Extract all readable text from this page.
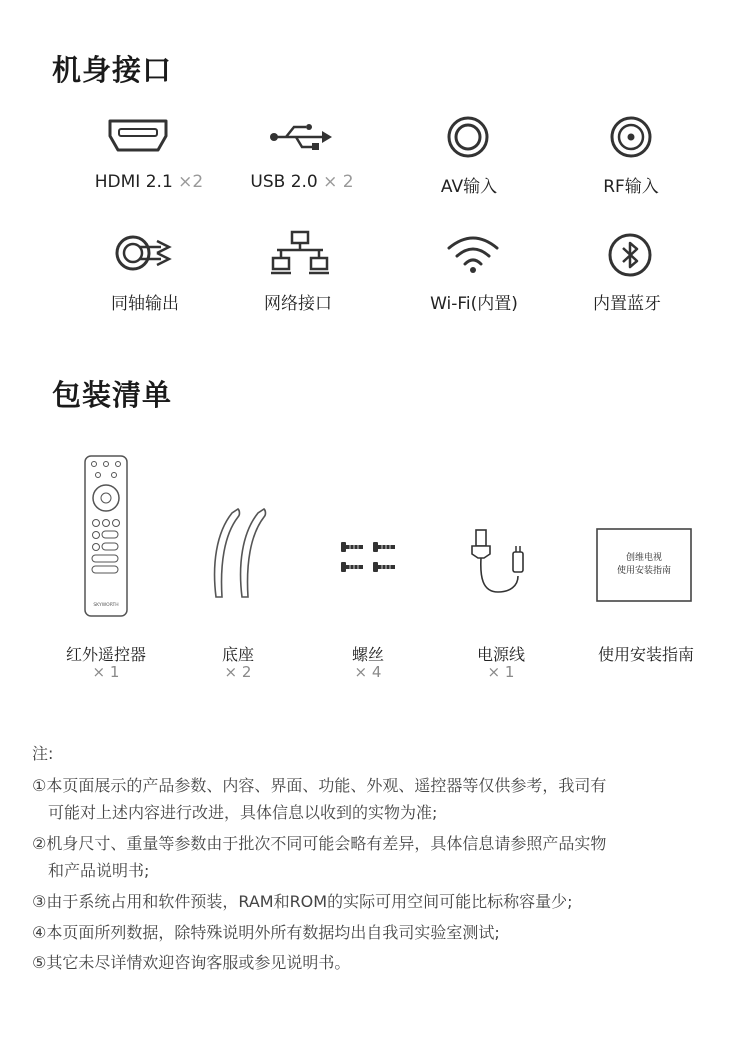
机身接口
HDMI 2.1 ×2	USB 2.0 × 2	AV输入	RF输入
同轴输出	网络接口	Wi-Fi(内置)	内置蓝牙
包装清单
SKYWORTH
创维电视
使用安装指南
红外遥控器
× 1
底座
× 2
螺丝
× 4
电源线
× 1
使用安装指南
注:
①本页面展示的产品参数、内容、界面、功能、外观、遥控器等仅供参考，我司有
可能对上述内容进行改进，具体信息以收到的实物为准;
②机身尺寸、重量等参数由于批次不同可能会略有差异，具体信息请参照产品实物
和产品说明书;
③由于系统占用和软件预装，RAM和ROM的实际可用空间可能比标称容量少;
④本页面所列数据，除特殊说明外所有数据均出自我司实验室测试;
⑤其它未尽详情欢迎咨询客服或参见说明书。
